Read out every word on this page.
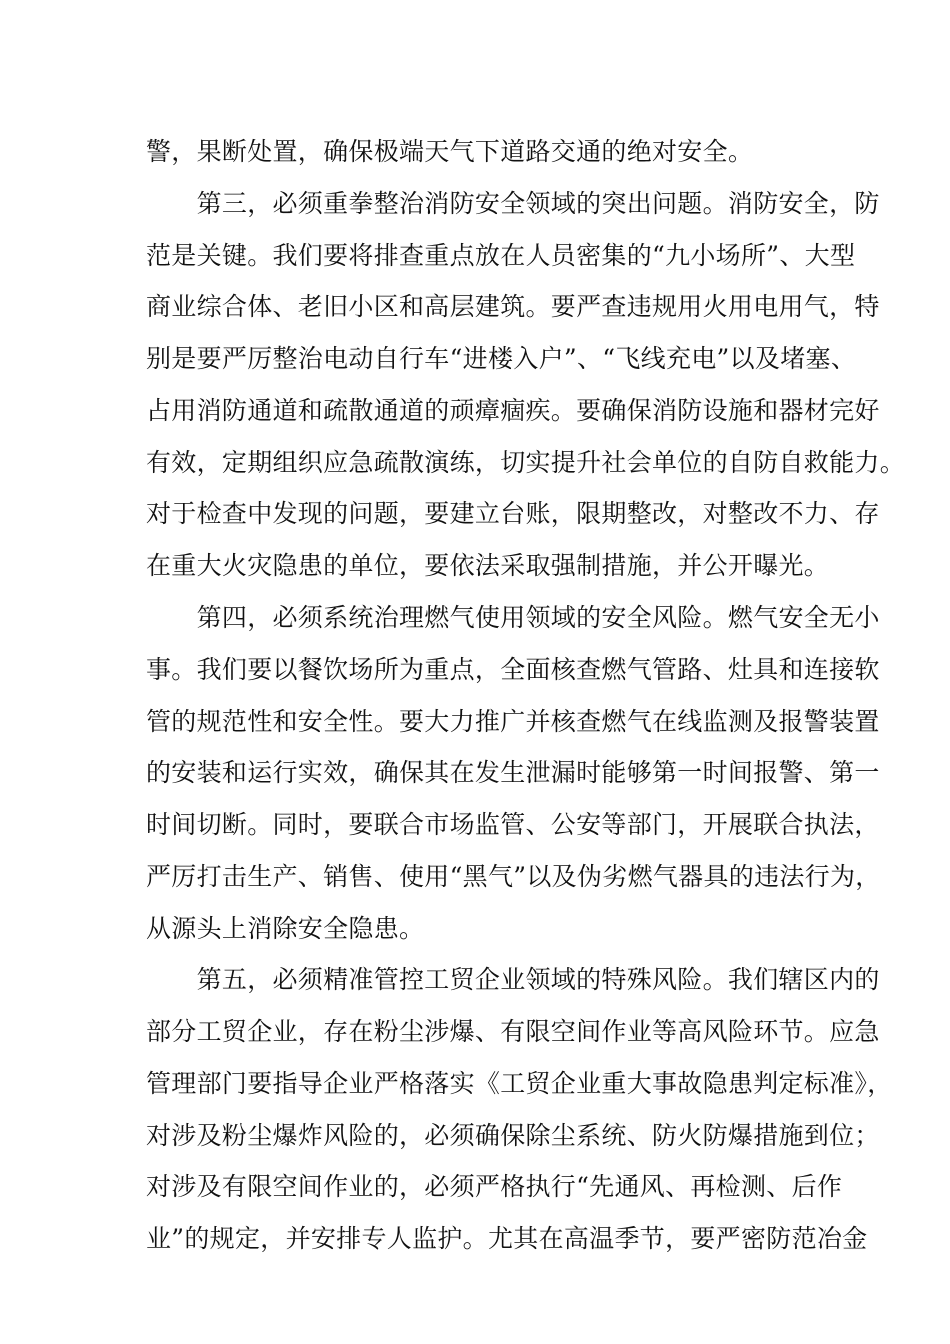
警，果断处置，确保极端天气下道路交通的绝对安全。
　　第三，必须重拳整治消防安全领域的突出问题。消防安全，防
范是关键。我们要将排查重点放在人员密集的“九小场所”、大型
商业综合体、老旧小区和高层建筑。要严查违规用火用电用气，特
别是要严厉整治电动自行车“进楼入户”、“飞线充电”以及堵塞、
占用消防通道和疏散通道的顽瘴痼疾。要确保消防设施和器材完好
有效，定期组织应急疏散演练，切实提升社会单位的自防自救能力。
对于检查中发现的问题，要建立台账，限期整改，对整改不力、存
在重大火灾隐患的单位，要依法采取强制措施，并公开曝光。
　　第四，必须系统治理燃气使用领域的安全风险。燃气安全无小
事。我们要以餐饮场所为重点，全面核查燃气管路、灶具和连接软
管的规范性和安全性。要大力推广并核查燃气在线监测及报警装置
的安装和运行实效，确保其在发生泄漏时能够第一时间报警、第一
时间切断。同时，要联合市场监管、公安等部门，开展联合执法，
严厉打击生产、销售、使用“黑气”以及伪劣燃气器具的违法行为，
从源头上消除安全隐患。
　　第五，必须精准管控工贸企业领域的特殊风险。我们辖区内的
部分工贸企业，存在粉尘涉爆、有限空间作业等高风险环节。应急
管理部门要指导企业严格落实《工贸企业重大事故隐患判定标准》，
对涉及粉尘爆炸风险的，必须确保除尘系统、防火防爆措施到位；
对涉及有限空间作业的，必须严格执行“先通风、再检测、后作
业”的规定，并安排专人监护。尤其在高温季节，要严密防范冶金
